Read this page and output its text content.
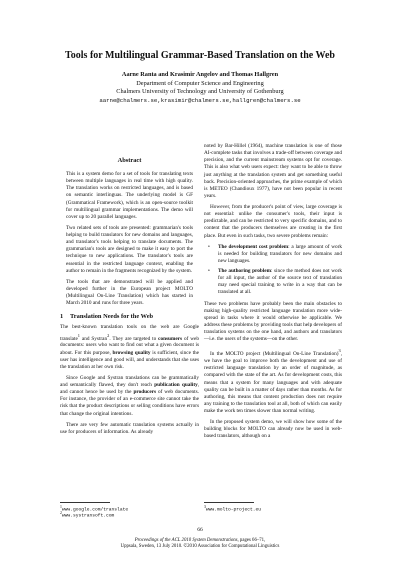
Tools for Multilingual Grammar-Based Translation on the Web
Aarne Ranta and Krasimir Angelov and Thomas Hallgren
Department of Computer Science and Engineering
Chalmers University of Technology and University of Gothenburg
aarne@chalmers.se,krasimir@chalmers.se,hallgren@chalmers.se
Abstract

This is a system demo for a set of tools for translating texts between multiple languages in real time with high quality. The translation works on restricted languages, and is based on semantic interlinguas. The underlying model is GF (Grammatical Framework), which is an open-source toolkit for multilingual grammar implementations. The demo will cover up to 20 parallel languages.

Two related sets of tools are presented: grammarian's tools helping to build translators for new domains and languages, and translator's tools helping to translate documents. The grammarian's tools are designed to make it easy to port the technique to new applications. The translator's tools are essential in the restricted language context, enabling the author to remain in the fragments recognized by the system.

The tools that are demonstrated will be applied and developed further in the European project MOLTO (Multilingual On-Line Translation) which has started in March 2010 and runs for three years.

1 Translation Needs for the Web

The best-known translation tools on the web are Google translate$^1$ and Systran$^2$. They are targeted to consumers of web documents: users who want to find out what a given document is about. For this purpose, browsing quality is sufficient, since the user has intelligence and good will, and understands that she uses the translation at her own risk.

Since Google and Systran translations can be grammatically and semantically flawed, they don't reach publication quality, and cannot hence be used by the producers of web documents. For instance, the provider of an e-commerce site cannot take the risk that the product descriptions or selling conditions have errors that change the original intentions.

There are very few automatic translation systems actually in use for producers of information. As already

noted by Bar-Hillel (1964), machine translation is one of those AI-complete tasks that involves a trade-off between coverage and precision, and the current mainstream systems opt for coverage. This is also what web users expect: they want to be able to throw just anything at the translation system and get something useful back. Precision-oriented approaches, the prime example of which is METEO (Chandioux 1977), have not been popular in recent years.

However, from the producer's point of view, large coverage is not essential: unlike the consumer's tools, their input is predictable, and can be restricted to very specific domains, and to content that the producers themselves are creating in the first place. But even in such tasks, two severe problems remain:

• The development cost problem: a large amount of work is needed for building translators for new domains and new languages.
• The authoring problem: since the method does not work for all input, the author of the source text of translation may need special training to write in a way that can be translated at all.

These two problems have probably been the main obstacles to making high-quality restricted language translation more wide-spread in tasks where it would otherwise be applicable. We address these problems by providing tools that help developers of translation systems on the one hand, and authors and translators—i.e. the users of the systems—on the other.

In the MOLTO project (Multilingual On-Line Translation)$^3$, we have the goal to improve both the development and use of restricted language translation by an order of magnitude, as compared with the state of the art. As for development costs, this means that a system for many languages and with adequate quality can be built in a matter of days rather than months. As for authoring, this means that content production does not require any training to the translation tool at all, both of which can easily make the work ten times slower than normal writing.

In the proposed system demo, we will show how some of the building blocks for MOLTO can already now be used in web-based translators, although on a

$^1$www.google.com/translate
$^2$www.systransoft.com
$^3$www.molto-project.eu
66
Proceedings of the ACL 2010 System Demonstrations, pages 66–71,
Uppsala, Sweden, 13 July 2010. ©2010 Association for Computational Linguistics
